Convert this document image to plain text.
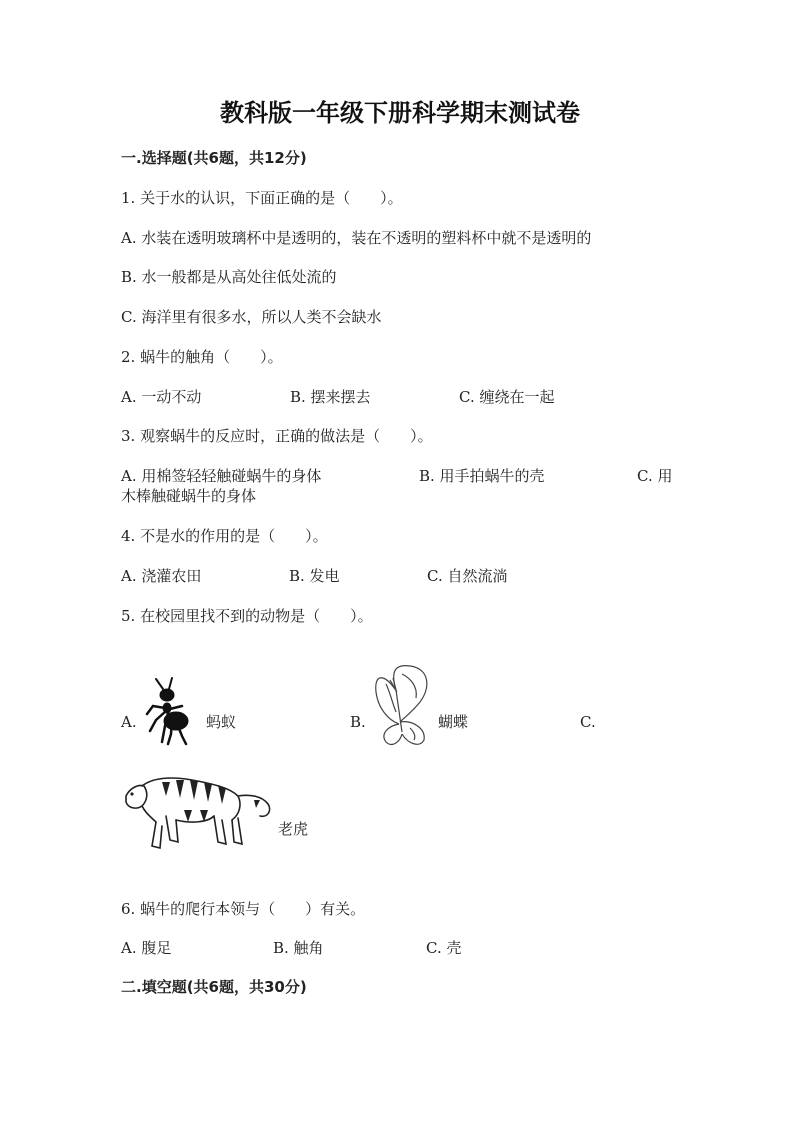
教科版一年级下册科学期末测试卷
一.选择题(共6题，共12分)
1. 关于水的认识，下面正确的是（　　）。
A. 水装在透明玻璃杯中是透明的，装在不透明的塑料杯中就不是透明的
B. 水一般都是从高处往低处流的
C. 海洋里有很多水，所以人类不会缺水
2. 蜗牛的触角（　　）。
A. 一动不动	B. 摆来摆去	C. 缠绕在一起
3. 观察蜗牛的反应时，正确的做法是（　　）。
A. 用棉签轻轻触碰蜗牛的身体	B. 用手拍蜗牛的壳	C. 用
木棒触碰蜗牛的身体
4. 不是水的作用的是（　　）。
A. 浇灌农田	B. 发电	C. 自然流淌
5. 在校园里找不到的动物是（　　）。
A.	蚂蚁	B.	蝴蝶	C.
老虎
6. 蜗牛的爬行本领与（　　）有关。
A. 腹足	B. 触角	C. 壳
二.填空题(共6题，共30分)
